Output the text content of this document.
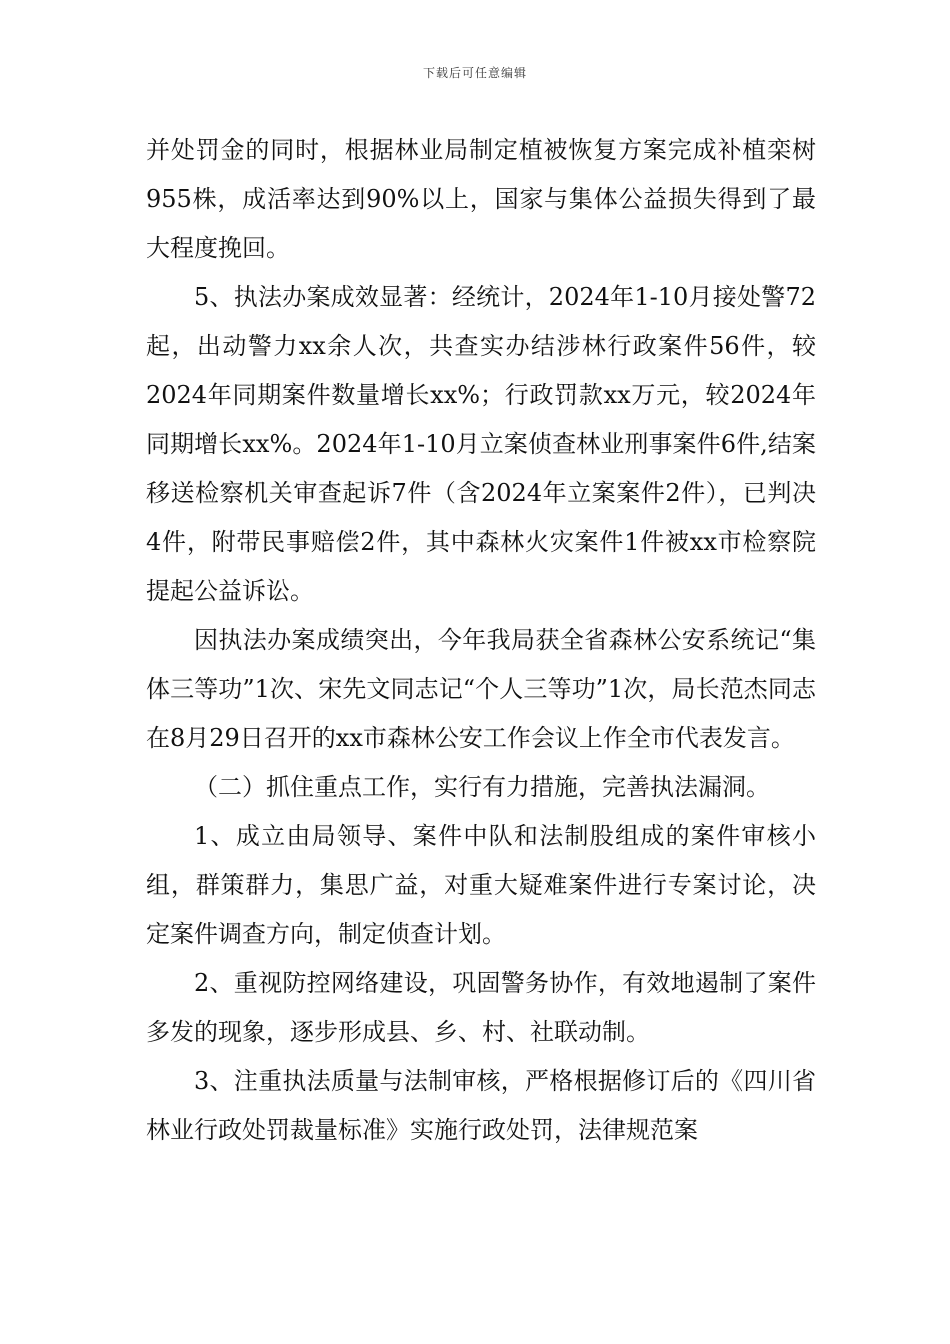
下载后可任意编辑

并处罚金的同时，根据林业局制定植被恢复方案完成补植栾树955株，成活率达到90%以上，国家与集体公益损失得到了最大程度挽回。

5、执法办案成效显著：经统计，2024年1-10月接处警72起，出动警力xx余人次，共查实办结涉林行政案件56件，较2024年同期案件数量增长xx%；行政罚款xx万元，较2024年同期增长xx%。2024年1-10月立案侦查林业刑事案件6件,结案移送检察机关审查起诉7件（含2024年立案案件2件），已判决4件，附带民事赔偿2件，其中森林火灾案件1件被xx市检察院提起公益诉讼。

因执法办案成绩突出，今年我局获全省森林公安系统记“集体三等功”1次、宋先文同志记“个人三等功”1次，局长范杰同志在8月29日召开的xx市森林公安工作会议上作全市代表发言。

（二）抓住重点工作，实行有力措施，完善执法漏洞。

1、成立由局领导、案件中队和法制股组成的案件审核小组，群策群力，集思广益，对重大疑难案件进行专案讨论，决定案件调查方向，制定侦查计划。

2、重视防控网络建设，巩固警务协作，有效地遏制了案件多发的现象，逐步形成县、乡、村、社联动制。

3、注重执法质量与法制审核，严格根据修订后的《四川省林业行政处罚裁量标准》实施行政处罚，法律规范案
